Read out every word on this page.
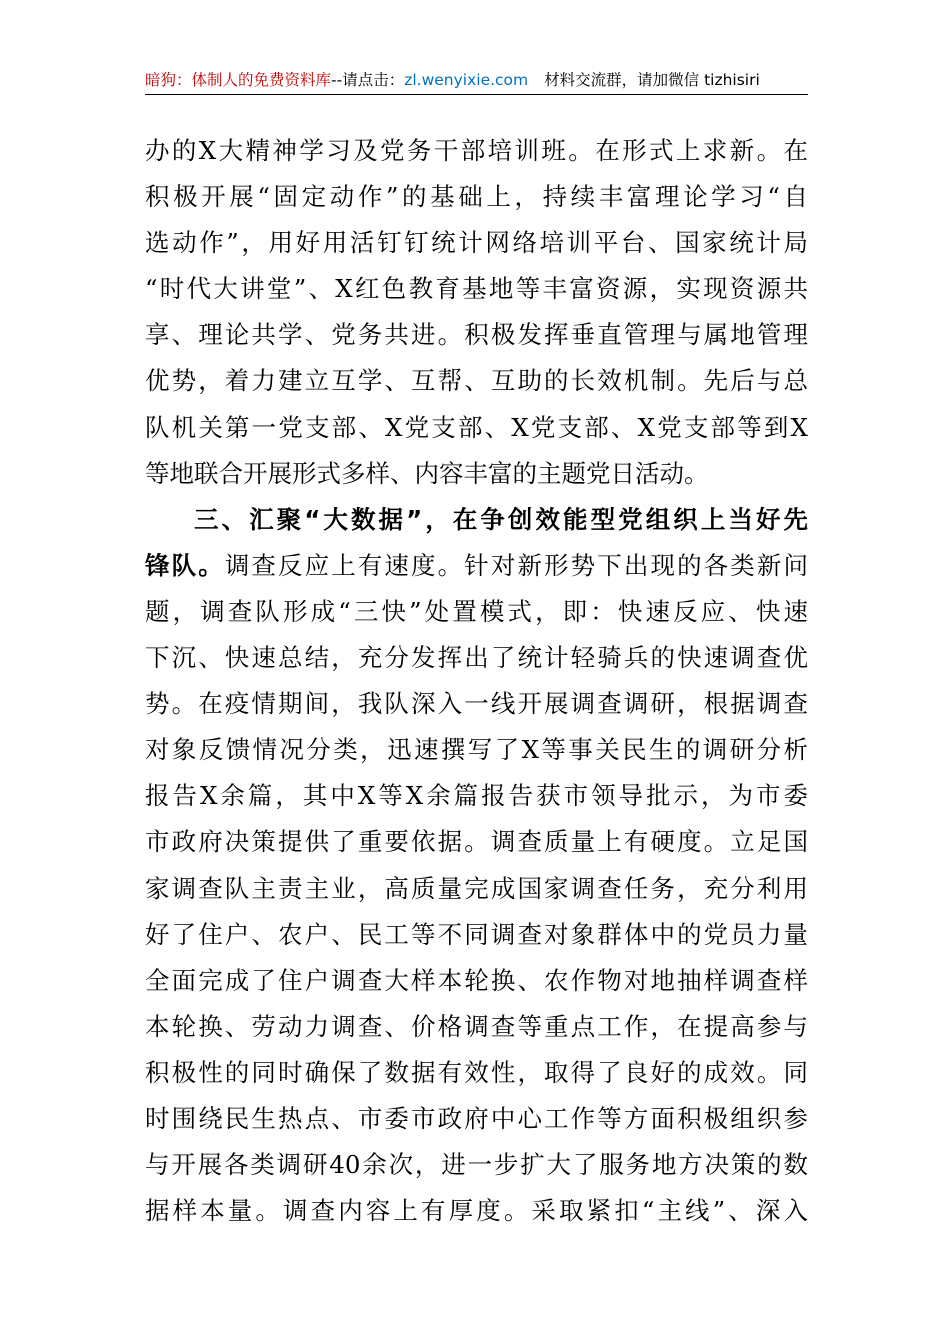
暗狗：体制人的免费资料库--请点击：zl.wenyixie.com 材料交流群，请加微信 tizhisiri
办的X大精神学习及党务干部培训班。在形式上求新。在
积极开展“固定动作”的基础上，持续丰富理论学习“自
选动作”，用好用活钉钉统计网络培训平台、国家统计局
“时代大讲堂”、X红色教育基地等丰富资源，实现资源共
享、理论共学、党务共进。积极发挥垂直管理与属地管理
优势，着力建立互学、互帮、互助的长效机制。先后与总
队机关第一党支部、X党支部、X党支部、X党支部等到X
等地联合开展形式多样、内容丰富的主题党日活动。
三、汇聚“大数据”，在争创效能型党组织上当好先
锋队。调查反应上有速度。针对新形势下出现的各类新问
题，调查队形成“三快”处置模式，即：快速反应、快速
下沉、快速总结，充分发挥出了统计轻骑兵的快速调查优
势。在疫情期间，我队深入一线开展调查调研，根据调查
对象反馈情况分类，迅速撰写了X等事关民生的调研分析
报告X余篇，其中X等X余篇报告获市领导批示，为市委
市政府决策提供了重要依据。调查质量上有硬度。立足国
家调查队主责主业，高质量完成国家调查任务，充分利用
好了住户、农户、民工等不同调查对象群体中的党员力量
全面完成了住户调查大样本轮换、农作物对地抽样调查样
本轮换、劳动力调查、价格调查等重点工作，在提高参与
积极性的同时确保了数据有效性，取得了良好的成效。同
时围绕民生热点、市委市政府中心工作等方面积极组织参
与开展各类调研40余次，进一步扩大了服务地方决策的数
据样本量。调查内容上有厚度。采取紧扣“主线”、深入
